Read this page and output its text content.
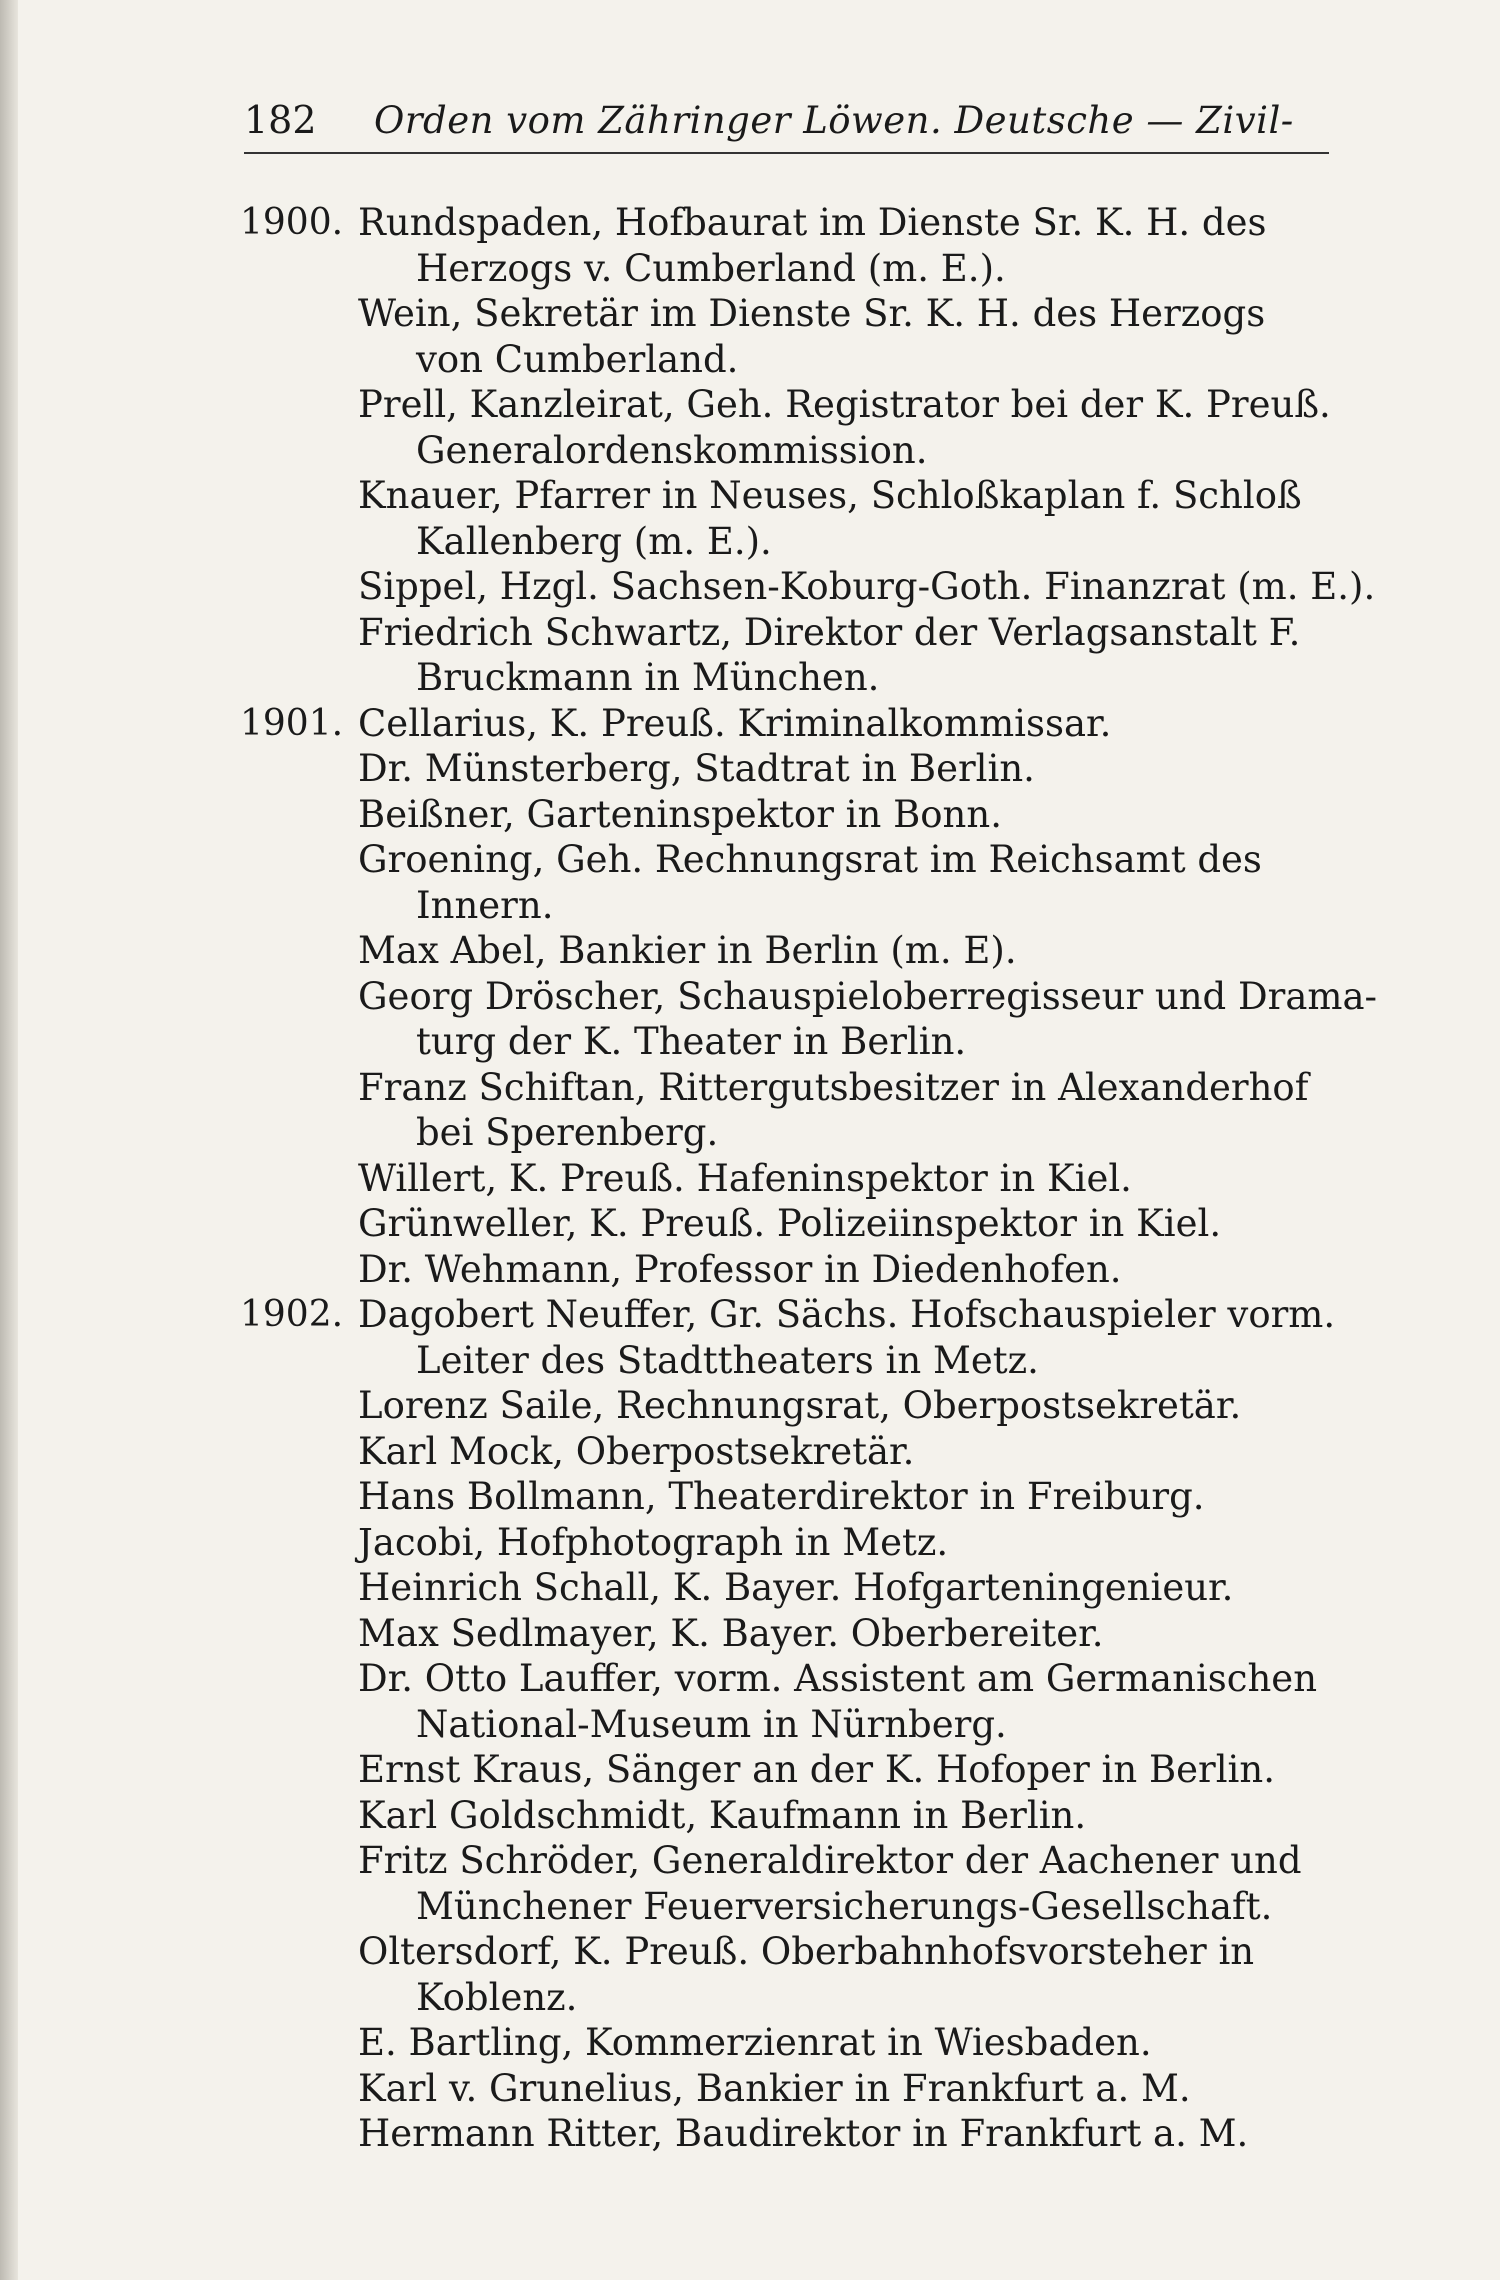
182	Orden vom Zähringer Löwen. Deutsche — Zivil-
1900. Rundspaden, Hofbaurat im Dienste Sr. K. H. des
Herzogs v. Cumberland (m. E.).
Wein, Sekretär im Dienste Sr. K. H. des Herzogs
von Cumberland.
Prell, Kanzleirat, Geh. Registrator bei der K. Preuß.
Generalordenskommission.
Knauer, Pfarrer in Neuses, Schloßkaplan f. Schloß
Kallenberg (m. E.).
Sippel, Hzgl. Sachsen-Koburg-Goth. Finanzrat (m. E.).
Friedrich Schwartz, Direktor der Verlagsanstalt F.
Bruckmann in München.
1901. Cellarius, K. Preuß. Kriminalkommissar.
Dr. Münsterberg, Stadtrat in Berlin.
Beißner, Garteninspektor in Bonn.
Groening, Geh. Rechnungsrat im Reichsamt des
Innern.
Max Abel, Bankier in Berlin (m. E).
Georg Dröscher, Schauspieloberregisseur und Drama-
turg der K. Theater in Berlin.
Franz Schiftan, Rittergutsbesitzer in Alexanderhof
bei Sperenberg.
Willert, K. Preuß. Hafeninspektor in Kiel.
Grünweller, K. Preuß. Polizeiinspektor in Kiel.
Dr. Wehmann, Professor in Diedenhofen.
1902. Dagobert Neuffer, Gr. Sächs. Hofschauspieler vorm.
Leiter des Stadttheaters in Metz.
Lorenz Saile, Rechnungsrat, Oberpostsekretär.
Karl Mock, Oberpostsekretär.
Hans Bollmann, Theaterdirektor in Freiburg.
Jacobi, Hofphotograph in Metz.
Heinrich Schall, K. Bayer. Hofgarteningenieur.
Max Sedlmayer, K. Bayer. Oberbereiter.
Dr. Otto Lauffer, vorm. Assistent am Germanischen
National-Museum in Nürnberg.
Ernst Kraus, Sänger an der K. Hofoper in Berlin.
Karl Goldschmidt, Kaufmann in Berlin.
Fritz Schröder, Generaldirektor der Aachener und
Münchener Feuerversicherungs-Gesellschaft.
Oltersdorf, K. Preuß. Oberbahnhofsvorsteher in
Koblenz.
E. Bartling, Kommerzienrat in Wiesbaden.
Karl v. Grunelius, Bankier in Frankfurt a. M.
Hermann Ritter, Baudirektor in Frankfurt a. M.
